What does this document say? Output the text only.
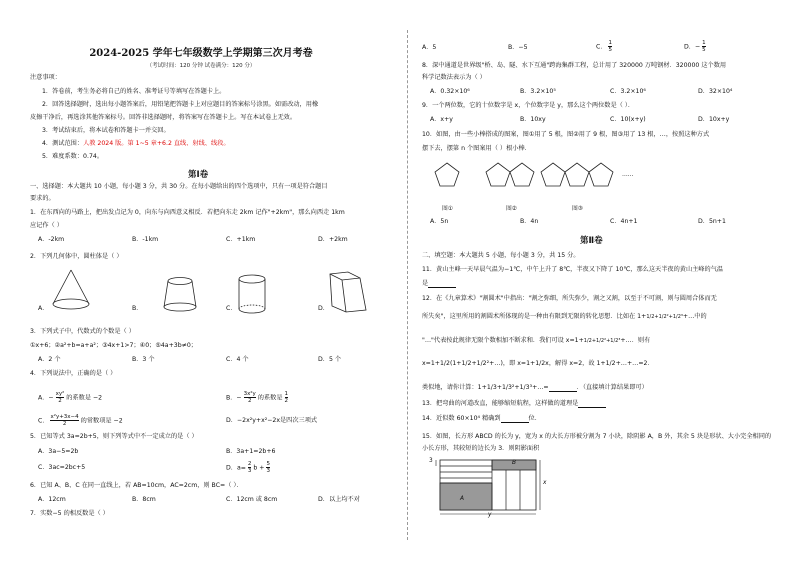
2024-2025 学年七年级数学上学期第三次月考卷
（考试时间：120 分钟 试卷满分：120 分）
注意事项：
1．答卷前，考生务必将自己的姓名、准考证号等填写在答题卡上。
2．回答选择题时，选出每小题答案后，用铅笔把答题卡上对应题目的答案标号涂黑。如需改动，用橡
皮擦干净后，再选涂其他答案标号。回答非选择题时，将答案写在答题卡上。写在本试卷上无效。
3．考试结束后，将本试卷和答题卡一并交回。
4．测试范围：人教 2024 版。第 1~5 章+6.2 直线、射线、线段。
5．难度系数：0.74。
第Ⅰ卷
一、选择题：本大题共 10 小题，每小题 3 分，共 30 分。在每小题给出的四个选项中，只有一项是符合题目
要求的。
1．在东西向的马路上，把出发点记为 0，向东与向西意义相反．若把向东走 2km 记作"+2km"，那么向西走 1km
应记作（ ）
A．-2km	B．-1km	C．+1km	D．+2km
2．下列几何体中，圆柱体是（ ）
A．	B．	C．	D．
3．下列式子中，代数式的个数是（ ）
①x+6；②a²+b=a+a²；③4x+1>7；④0；⑤4a+3b≠0；
A．2 个	B．3 个	C．4 个	D．5 个
4．下列说法中，正确的是（ ）
A．− $\frac{\text{xy²}}{2}$ 的系数是 −2	B．− $\frac{\text{3x²y}}{2}$ 的系数是 $\frac{1}{2}$
C． $\frac{\text{x²y+3x−4}}{2}$ 的常数项是 −2	D．−2x²y+x²−2x是四次三项式
5．已知等式 3a=2b+5，则下列等式中不一定成立的是（ ）
A．3a−5=2b	B．3a+1=2b+6
C．3ac=2bc+5	D．$a= \frac{2}{3}$ $b + \frac{5}{3}$
6．已知 A、B、C 在同一直线上，若 AB=10cm，AC=2cm，则 BC=（ ）．
A．12cm	B．8cm	C．12cm 或 8cm	D．以上均不对
7．实数−5 的相反数是（ ）
A．5	B．−5	C． $\frac{1}{5}$	D．− $\frac{1}{5}$
8．深中通道是世界级"桥、岛、隧、水下互通"跨海集群工程，总计用了 320000 万吨钢材．320000 这个数用
科学记数法表示为（ ）
A．0.32×10⁶	B．3.2×10⁵	C．3.2×10⁶	D．32×10⁴
9．一个两位数，它的十位数字是 x，个位数字是 y，那么这个两位数是（ ）．
A．x+y	B．10xy	C．10(x+y)	D．10x+y
10．如图，由一些小棒搭成的图案，图①用了 5 根，图②用了 9 根，图③用了 13 根，…，按照这种方式
摆下去，摆第 n 个图案用（ ）根小棒．
……
图①	图②	图③
A．5n	B．4n	C．4n+1	D．5n+1
第Ⅱ卷
二、填空题：本大题共 5 小题，每小题 3 分，共 15 分。
11．黄山主峰一天早晨气温为−1℃，中午上升了 8℃，半夜又下降了 10℃，那么这天半夜的黄山主峰的气温
是
12．在《九章算术》"割圆术"中指出："割之弥细，所失弥少，割之又割，以至于不可割，则与圆周合体而无
所失矣"，这里所用的割圆术所体现的是一种由有限到无限的转化思想．比如在 1+1/2+1/2²+1/2³+…中的
"…"代表按此规律无限个数相加不断求和．我们可设 x=1+1/2+1/2²+1/2³+…．则有
x=1+1/2(1+1/2+1/2²+…)，即 x=1+1/2x，解得 x=2，故 1+1/2+…+…=2．
类似地，请你计算：1+1/3+1/3²+1/3³+…=	．（直接填计算结果即可）
13．把弯曲的河道改直，能够缩短航程，这样做的道理是
14．近似数 60×10⁴ 精确到	位．
15．如图，长方形 ABCD 的长为 y，宽为 x 的大长方形被分割为 7 小块，除阴影 A，B 外，其余 5 块是形状、大小完全相同的
小长方形，其较短的边长为 3．则阴影面积
A
B
x
y
3
